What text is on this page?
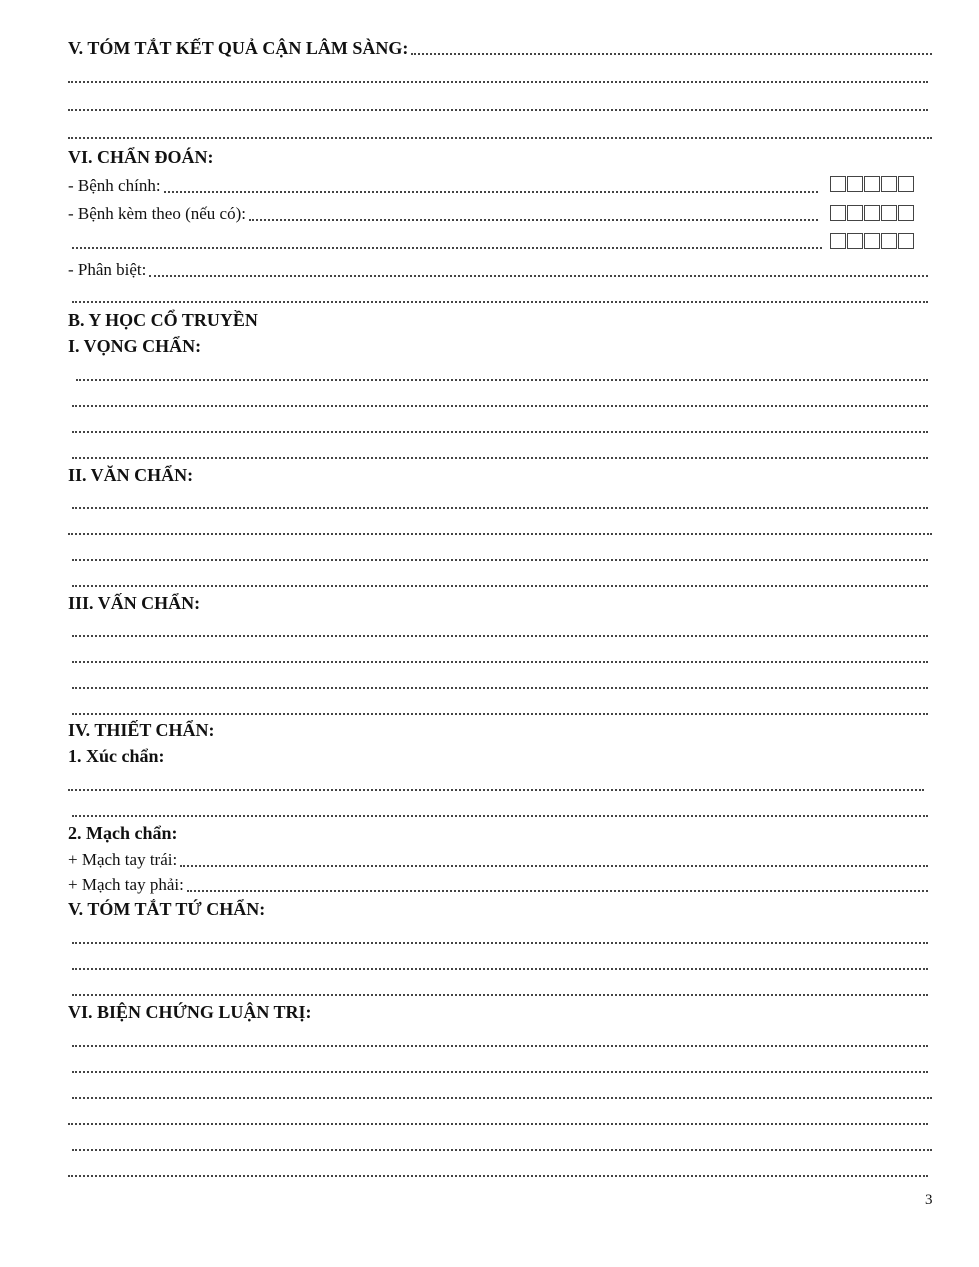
V. TÓM TẮT KẾT QUẢ CẬN LÂM SÀNG:
VI. CHẨN ĐOÁN:
- Bệnh chính:
- Bệnh kèm theo (nếu có):
- Phân biệt:
B. Y HỌC CỔ TRUYỀN
I. VỌNG CHẨN:
II. VĂN CHẨN:
III. VẤN CHẨN:
IV. THIẾT CHẨN:
1. Xúc chẩn:
2. Mạch chẩn:
+ Mạch tay trái:
+ Mạch tay phải:
V. TÓM TẮT TỨ CHẨN:
VI. BIỆN CHỨNG LUẬN TRỊ:
3
